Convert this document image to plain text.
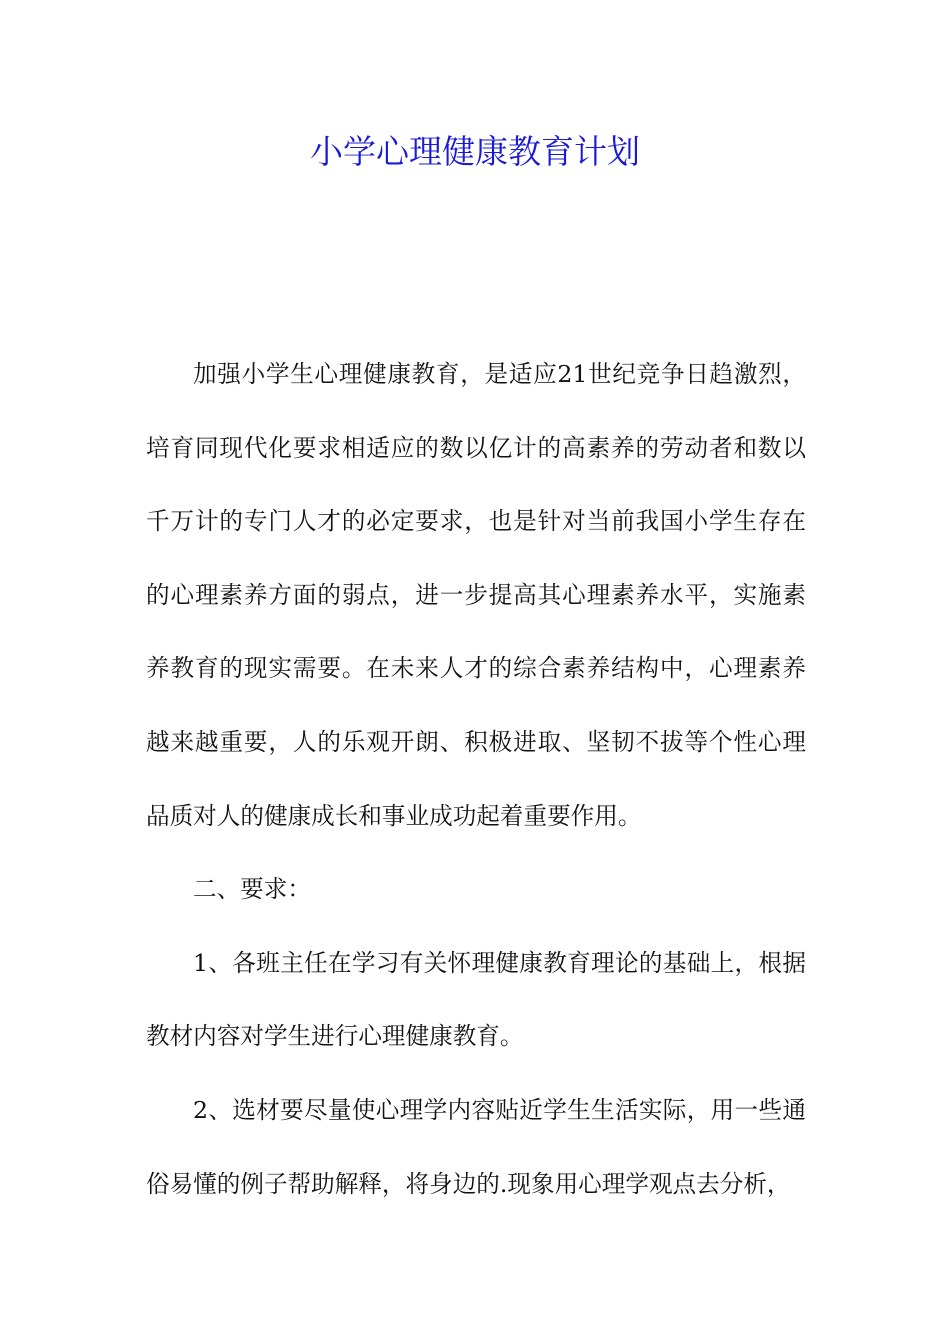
小学心理健康教育计划

加强小学生心理健康教育，是适应21世纪竞争日趋激烈，培育同现代化要求相适应的数以亿计的高素养的劳动者和数以千万计的专门人才的必定要求，也是针对当前我国小学生存在的心理素养方面的弱点，进一步提高其心理素养水平，实施素养教育的现实需要。在未来人才的综合素养结构中，心理素养越来越重要，人的乐观开朗、积极进取、坚韧不拔等个性心理品质对人的健康成长和事业成功起着重要作用。

二、要求：

1、各班主任在学习有关怀理健康教育理论的基础上，根据教材内容对学生进行心理健康教育。

2、选材要尽量使心理学内容贴近学生生活实际，用一些通俗易懂的例子帮助解释，将身边的.现象用心理学观点去分析，
